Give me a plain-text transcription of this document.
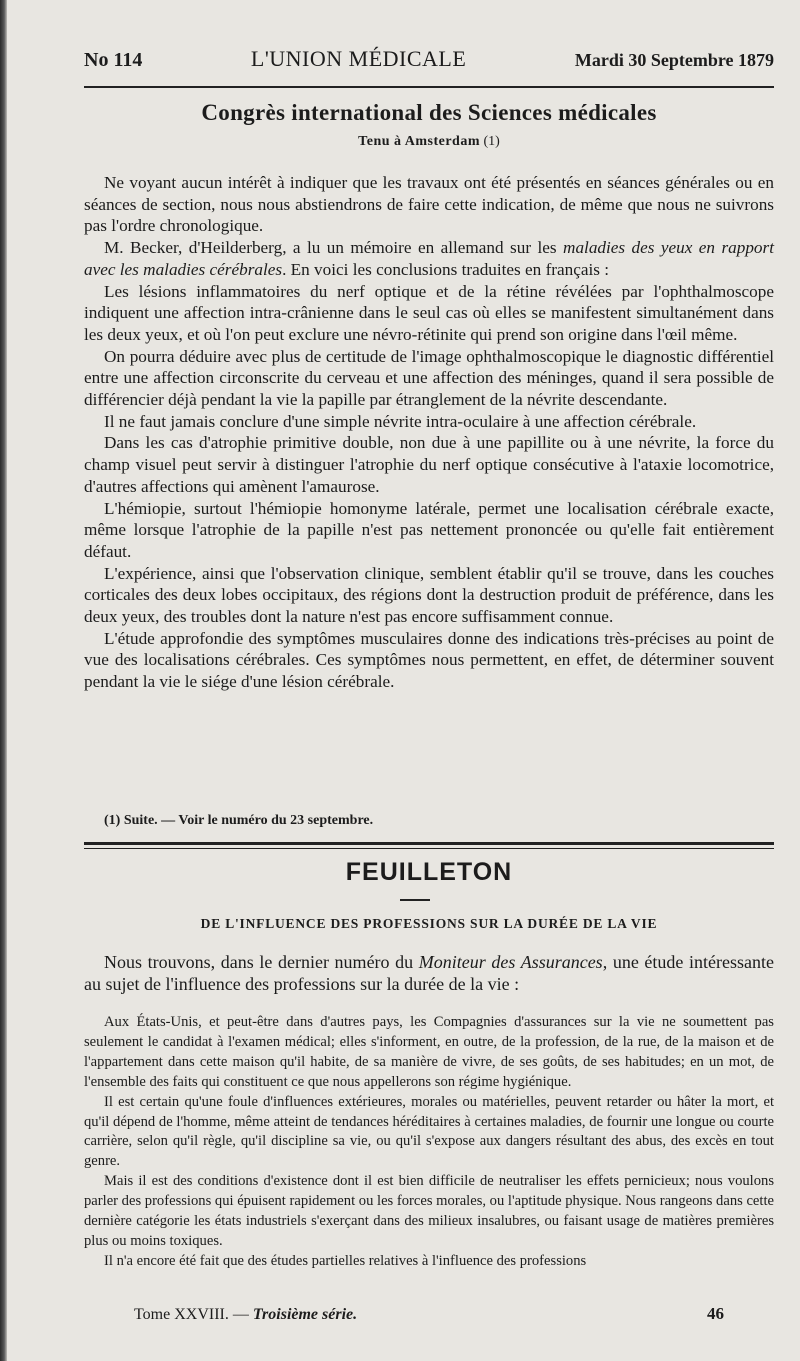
No 114	L'UNION MÉDICALE	Mardi 30 Septembre 1879
Congrès international des Sciences médicales
Tenu à Amsterdam (1)

Ne voyant aucun intérêt à indiquer que les travaux ont été présentés en séances générales ou en séances de section, nous nous abstiendrons de faire cette indication, de même que nous ne suivrons pas l'ordre chronologique.

M. Becker, d'Heilderberg, a lu un mémoire en allemand sur les maladies des yeux en rapport avec les maladies cérébrales. En voici les conclusions traduites en français :

Les lésions inflammatoires du nerf optique et de la rétine révélées par l'ophthalmoscope indiquent une affection intra-crânienne dans le seul cas où elles se manifestent simultanément dans les deux yeux, et où l'on peut exclure une névro-rétinite qui prend son origine dans l'œil même.

On pourra déduire avec plus de certitude de l'image ophthalmoscopique le diagnostic différentiel entre une affection circonscrite du cerveau et une affection des méninges, quand il sera possible de différencier déjà pendant la vie la papille par étranglement de la névrite descendante.

Il ne faut jamais conclure d'une simple névrite intra-oculaire à une affection cérébrale.

Dans les cas d'atrophie primitive double, non due à une papillite ou à une névrite, la force du champ visuel peut servir à distinguer l'atrophie du nerf optique consécutive à l'ataxie locomotrice, d'autres affections qui amènent l'amaurose.

L'hémiopie, surtout l'hémiopie homonyme latérale, permet une localisation cérébrale exacte, même lorsque l'atrophie de la papille n'est pas nettement prononcée ou qu'elle fait entièrement défaut.

L'expérience, ainsi que l'observation clinique, semblent établir qu'il se trouve, dans les couches corticales des deux lobes occipitaux, des régions dont la destruction produit de préférence, dans les deux yeux, des troubles dont la nature n'est pas encore suffisamment connue.

L'étude approfondie des symptômes musculaires donne des indications très-précises au point de vue des localisations cérébrales. Ces symptômes nous permettent, en effet, de déterminer souvent pendant la vie le siége d'une lésion cérébrale.

(1) Suite. — Voir le numéro du 23 septembre.
FEUILLETON
DE L'INFLUENCE DES PROFESSIONS SUR LA DURÉE DE LA VIE

Nous trouvons, dans le dernier numéro du Moniteur des Assurances, une étude intéressante au sujet de l'influence des professions sur la durée de la vie :

Aux États-Unis, et peut-être dans d'autres pays, les Compagnies d'assurances sur la vie ne soumettent pas seulement le candidat à l'examen médical; elles s'informent, en outre, de la profession, de la rue, de la maison et de l'appartement dans cette maison qu'il habite, de sa manière de vivre, de ses goûts, de ses habitudes; en un mot, de l'ensemble des faits qui constituent ce que nous appellerons son régime hygiénique.

Il est certain qu'une foule d'influences extérieures, morales ou matérielles, peuvent retarder ou hâter la mort, et qu'il dépend de l'homme, même atteint de tendances héréditaires à certaines maladies, de fournir une longue ou courte carrière, selon qu'il règle, qu'il discipline sa vie, ou qu'il s'expose aux dangers résultant des abus, des excès en tout genre.

Mais il est des conditions d'existence dont il est bien difficile de neutraliser les effets pernicieux; nous voulons parler des professions qui épuisent rapidement ou les forces morales, ou l'aptitude physique. Nous rangeons dans cette dernière catégorie les états industriels s'exerçant dans des milieux insalubres, ou faisant usage de matières premières plus ou moins toxiques.

Il n'a encore été fait que des études partielles relatives à l'influence des professions

Tome XXVIII. — Troisième série.	46
